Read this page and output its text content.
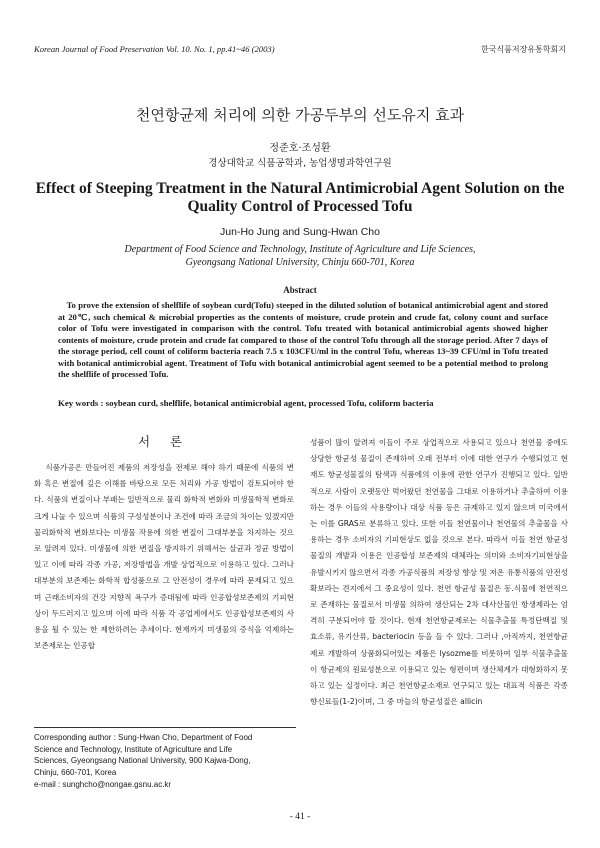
Korean Journal of Food Preservation Vol. 10. No. 1, pp.41~46 (2003)	한국식품저장유통학회지
천연항균제 처리에 의한 가공두부의 선도유지 효과
정준호·조성환
경상대학교 식품공학과, 농업생명과학연구원
Effect of Steeping Treatment in the Natural Antimicrobial Agent Solution on the
Quality Control of Processed Tofu
Jun-Ho Jung and Sung-Hwan Cho
Department of Food Science and Technology, Institute of Agriculture and Life Sciences,
Gyeongsang National University, Chinju 660-701, Korea
Abstract
To prove the extension of shelflife of soybean curd(Tofu) steeped in the diluted solution of botanical antimicrobial agent and stored at 20℃, such chemical & microbial properties as the contents of moisture, crude protein and crude fat, colony count and surface color of Tofu were investigated in comparison with the control. Tofu treated with botanical antimicrobial agents showed higher contents of moisture, crude protein and crude fat compared to those of the control Tofu through all the storage period. After 7 days of the storage period, cell count of coliform bacteria reach 7.5 x 103CFU/ml in the control Tofu, whereas 13~39 CFU/ml in Tofu treated with botanical antimicrobial agent. Treatment of Tofu with botanical antimicrobial agent seemed to be a potential method to prolong the shelflife of processed Tofu.
Key words : soybean curd, shelflife, botanical antimicrobial agent, processed Tofu, coliform bacteria
서 론

식품가공은 만들어진 제품의 저장성을 전제로 해야 하기 때문에 식품의 변화 혹은 변질에 깊은 이해를 바탕으로 모든 처리와 가공 방법이 검토되어야 한다. 식품의 변질이나 부패는 일반적으로 물리 화학적 변화와 미생물학적 변화로 크게 나눌 수 있으며 식품의 구성성분이나 조건에 따라 조금의 차이는 있겠지만 물리화학적 변화보다는 미생물 작용에 의한 변질이 그대부분을 차지하는 것으로 알려져 있다. 미생물에 의한 변질을 방지하기 위해서는 살균과 정균 방법이 있고 이에 따라 각종 가공, 저장방법을 개발 상업적으로 이용하고 있다. 그러나 대부분의 보존제는 화학적 합성품으로 그 안전성이 경우에 따라 문제되고 있으며 근래소비자의 건강 지향적 욕구가 증대됨에 따라 인공합성보존제의 기피현상이 두드러지고 있으며 이에 따라 식품 각 공업계에서도 인공합성보존제의 사용을 될 수 있는 한 제한하려는 추세이다. 현재까지 미생물의 증식을 억제하는 보존제로는 인공합

성품이 많이 알려져 이들이 주로 상업적으로 사용되고 있으나 천연물 중에도 상당한 항균성 물질이 존재하여 오래 전부터 이에 대한 연구가 수행되었고 현재도 항균성물질의 탐색과 식품에의 이용에 관한 연구가 진행되고 있다. 일반적으로 사람이 오랫동안 먹어왔던 천연물을 그대로 이용하거나 추출하여 이용하는 경우 이들의 사용량이나 대상 식품 등은 규제하고 있지 않으며 미국에서는 이를 GRAS로 분류하고 있다. 또한 이들 천연물이나 천연물의 추출물을 사용하는 경우 소비자의 기피현상도 없을 것으로 본다. 따라서 이들 천연 항균성 물질의 개발과 이용은 인공합성 보존제의 대체라는 의미와 소비자기피현상을 유발시키지 않으면서 각종 가공식품의 저장성 향상 및 저온 유통식품의 안전성확보라는 견지에서 그 중요성이 있다. 천연 항균성 물질은 동.식물에 천연적으로 존재하는 물질로서 미생물 의하여 생산되는 2차 대사산물인 항생제라는 엄격히 구분되어야 할 것이다. 현재 천연항균제로는 식물추출물 특정단백질 및 효소류, 유기산류, bacteriocin 등을 들 수 있다. 그러나 ,아직까지, 천연항균제로 개발하여 상품화되어있는 제품은 lysozme를 비롯하여 일부 식물추출물이 항균제의 원료성분으로 이용되고 있는 형편이며 생산체계가 대형화하지 못하고 있는 실정이다. 최근 천연항균소재로 연구되고 있는 대표적 식품은 각종 향신료들(1-2)이며, 그 중 마늘의 항균성질은 allicin

Corresponding author : Sung-Hwan Cho, Department of Food
Science and Technology, Institute of Agriculture and Life
Sciences, Gyeongsang National University, 900 Kajwa-Dong,
Chinju, 660-701, Korea
e-mail : sunghcho@nongae.gsnu.ac.kr
- 41 -
